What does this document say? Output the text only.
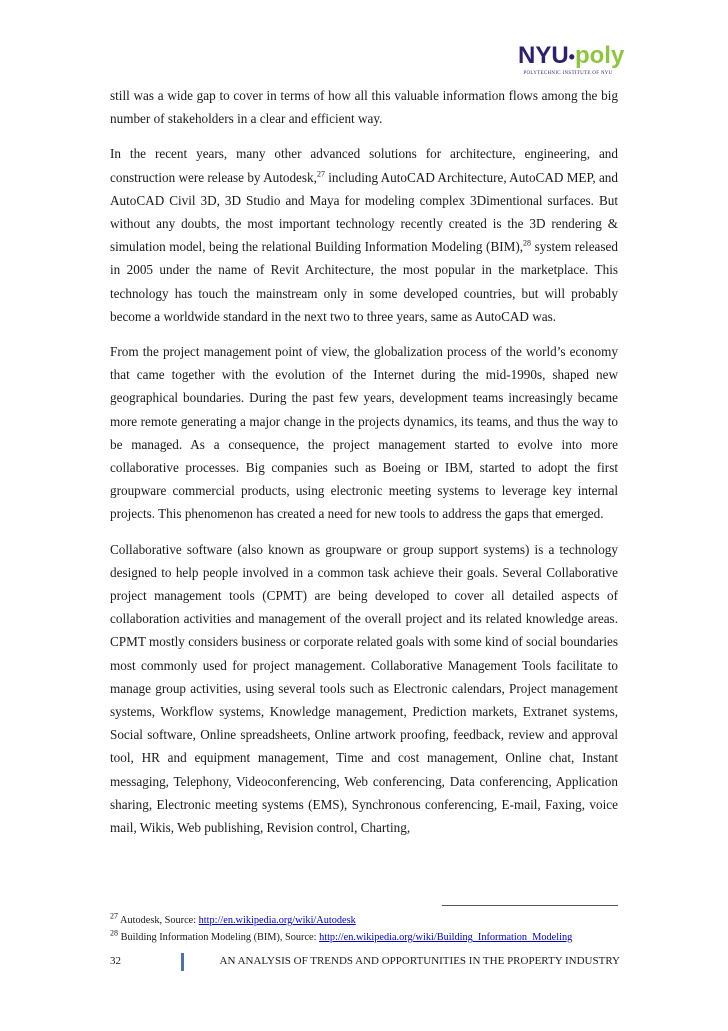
NYU•poly
POLYTECHNIC INSTITUTE OF NYU

still was a wide gap to cover in terms of how all this valuable information flows among the big number of stakeholders in a clear and efficient way.

In the recent years, many other advanced solutions for architecture, engineering, and construction were release by Autodesk,$^{27}$ including AutoCAD Architecture, AutoCAD MEP, and AutoCAD Civil 3D, 3D Studio and Maya for modeling complex 3Dimentional surfaces. But without any doubts, the most important technology recently created is the 3D rendering & simulation model, being the relational Building Information Modeling (BIM),$^{28}$ system released in 2005 under the name of Revit Architecture, the most popular in the marketplace. This technology has touch the mainstream only in some developed countries, but will probably become a worldwide standard in the next two to three years, same as AutoCAD was.

From the project management point of view, the globalization process of the world’s economy that came together with the evolution of the Internet during the mid-1990s, shaped new geographical boundaries. During the past few years, development teams increasingly became more remote generating a major change in the projects dynamics, its teams, and thus the way to be managed. As a consequence, the project management started to evolve into more collaborative processes. Big companies such as Boeing or IBM, started to adopt the first groupware commercial products, using electronic meeting systems to leverage key internal projects. This phenomenon has created a need for new tools to address the gaps that emerged.

Collaborative software (also known as groupware or group support systems) is a technology designed to help people involved in a common task achieve their goals. Several Collaborative project management tools (CPMT) are being developed to cover all detailed aspects of collaboration activities and management of the overall project and its related knowledge areas. CPMT mostly considers business or corporate related goals with some kind of social boundaries most commonly used for project management. Collaborative Management Tools facilitate to manage group activities, using several tools such as Electronic calendars, Project management systems, Workflow systems, Knowledge management, Prediction markets, Extranet systems, Social software, Online spreadsheets, Online artwork proofing, feedback, review and approval tool, HR and equipment management, Time and cost management, Online chat, Instant messaging, Telephony, Videoconferencing, Web conferencing, Data conferencing, Application sharing, Electronic meeting systems (EMS), Synchronous conferencing, E-mail, Faxing, voice mail, Wikis, Web publishing, Revision control, Charting,

$^{27}$ Autodesk, Source: http://en.wikipedia.org/wiki/Autodesk
$^{28}$ Building Information Modeling (BIM), Source: http://en.wikipedia.org/wiki/Building_Information_Modeling
32	AN ANALYSIS OF TRENDS AND OPPORTUNITIES IN THE PROPERTY INDUSTRY
